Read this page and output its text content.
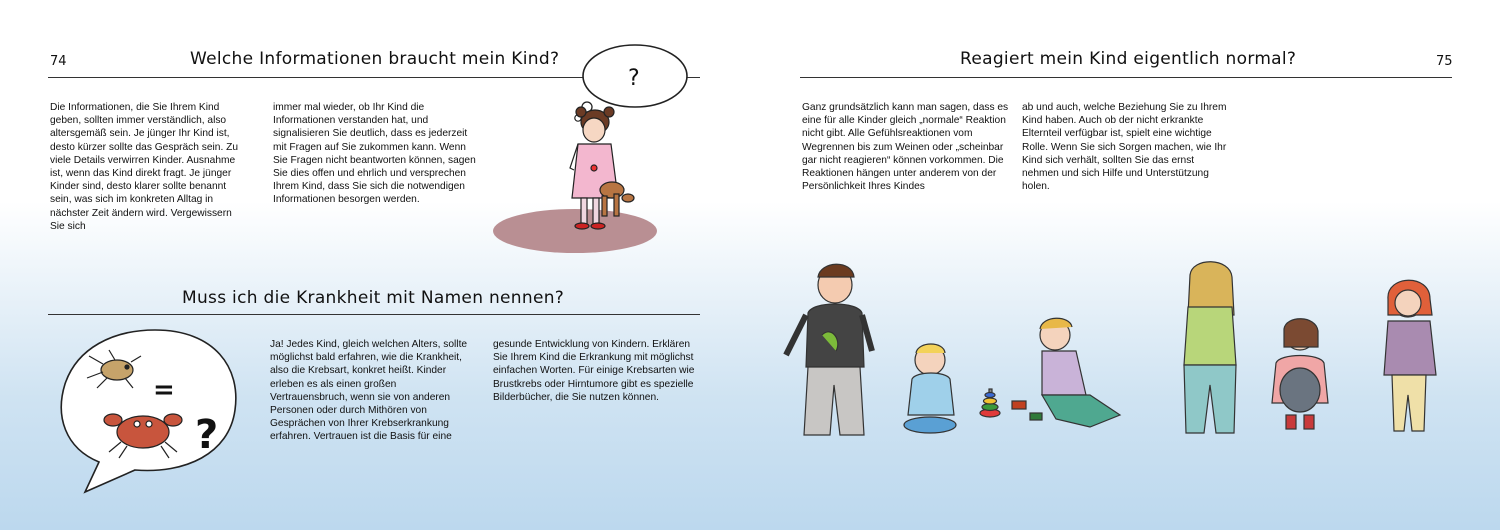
74	Welche Informationen braucht mein Kind?

Die Informationen, die Sie Ihrem Kind geben, sollten immer verständlich, also altersgemäß sein. Je jünger Ihr Kind ist, desto kürzer sollte das Gespräch sein. Zu viele Details verwirren Kinder. Ausnahme ist, wenn das Kind direkt fragt. Je jünger Kinder sind, desto klarer sollte benannt sein, was sich im konkreten Alltag in nächster Zeit ändern wird. Vergewissern Sie sich

immer mal wieder, ob Ihr Kind die Informationen verstanden hat, und signalisieren Sie deutlich, dass es jederzeit mit Fragen auf Sie zukommen kann. Wenn Sie Fragen nicht beantworten können, sagen Sie dies offen und ehrlich und versprechen Ihrem Kind, dass Sie sich die notwendigen Informationen besorgen werden.

?
Muss ich die Krankheit mit Namen nennen?

Ja! Jedes Kind, gleich welchen Alters, sollte möglichst bald erfahren, wie die Krankheit, also die Krebsart, konkret heißt. Kinder erleben es als einen großen Vertrauensbruch, wenn sie von anderen Personen oder durch Mithören von Gesprächen von Ihrer Krebserkrankung erfahren. Vertrauen ist die Basis für eine

gesunde Entwicklung von Kindern. Erklären Sie Ihrem Kind die Erkrankung mit möglichst einfachen Worten. Für einige Krebsarten wie Brustkrebs oder Hirntumore gibt es spezielle Bilderbücher, die Sie nutzen können.

=
?
Reagiert mein Kind eigentlich normal?	75

Ganz grundsätzlich kann man sagen, dass es eine für alle Kinder gleich „normale“ Reaktion nicht gibt. Alle Gefühlsreaktionen vom Wegrennen bis zum Weinen oder „scheinbar gar nicht reagieren“ können vorkommen. Die Reaktionen hängen unter anderem von der Persönlichkeit Ihres Kindes

ab und auch, welche Beziehung Sie zu Ihrem Kind haben. Auch ob der nicht erkrankte Elternteil verfügbar ist, spielt eine wichtige Rolle. Wenn Sie sich Sorgen machen, wie Ihr Kind sich verhält, sollten Sie das ernst nehmen und sich Hilfe und Unterstützung holen.
